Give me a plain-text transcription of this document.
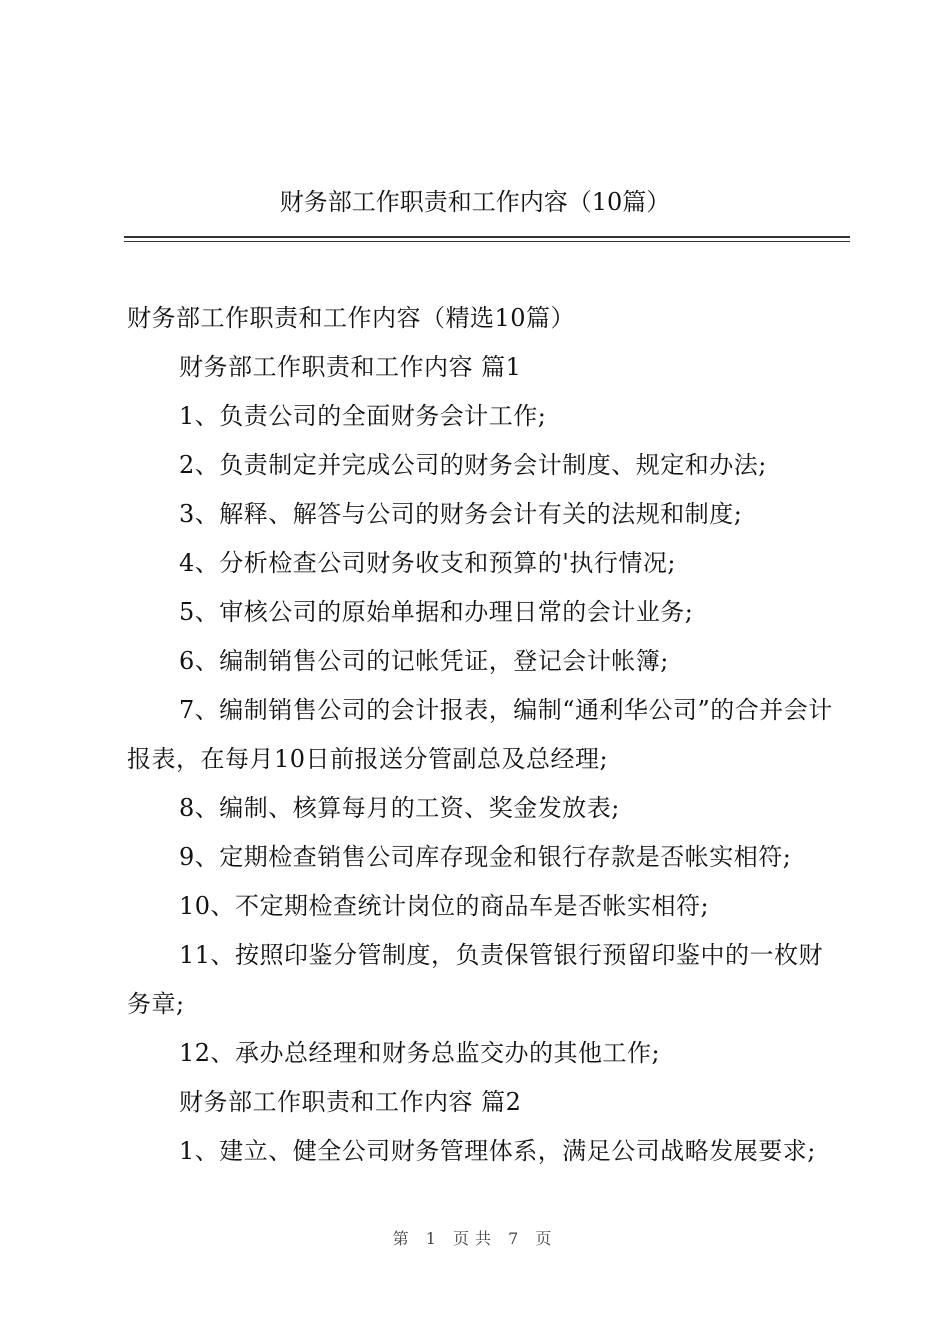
财务部工作职责和工作内容（10篇）
财务部工作职责和工作内容（精选10篇）
财务部工作职责和工作内容 篇1
1、负责公司的全面财务会计工作;
2、负责制定并完成公司的财务会计制度、规定和办法;
3、解释、解答与公司的财务会计有关的法规和制度;
4、分析检查公司财务收支和预算的'执行情况;
5、审核公司的原始单据和办理日常的会计业务;
6、编制销售公司的记帐凭证，登记会计帐簿;
7、编制销售公司的会计报表，编制“通利华公司”的合并会计报表，在每月10日前报送分管副总及总经理;
8、编制、核算每月的工资、奖金发放表;
9、定期检查销售公司库存现金和银行存款是否帐实相符;
10、不定期检查统计岗位的商品车是否帐实相符;
11、按照印鉴分管制度，负责保管银行预留印鉴中的一枚财务章;
12、承办总经理和财务总监交办的其他工作;
财务部工作职责和工作内容 篇2
1、建立、健全公司财务管理体系，满足公司战略发展要求;
第 1 页共 7 页
